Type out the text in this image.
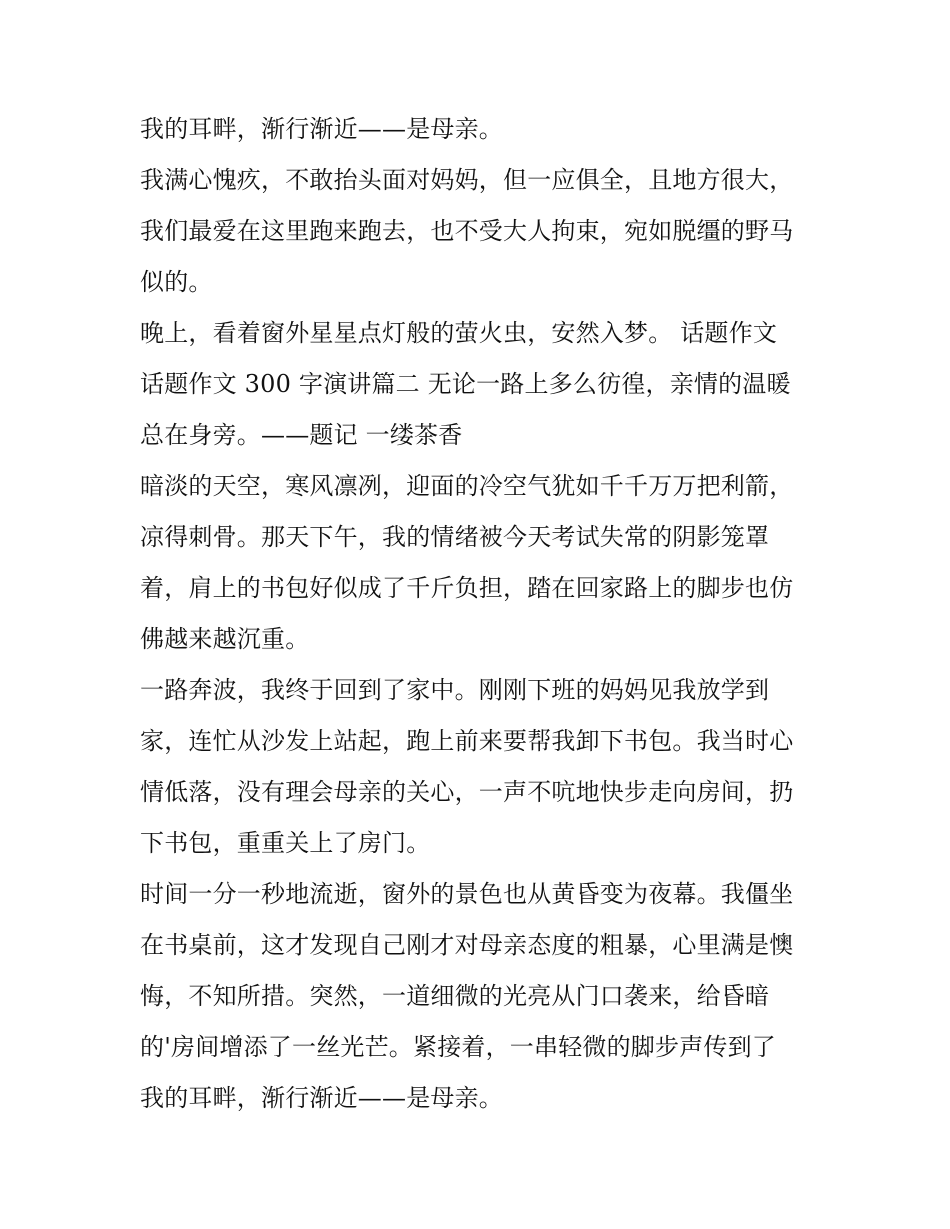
我的耳畔，渐行渐近——是母亲。
我满心愧疚，不敢抬头面对妈妈，但一应俱全，且地方很大，
我们最爱在这里跑来跑去，也不受大人拘束，宛如脱缰的野马
似的。
晚上，看着窗外星星点灯般的萤火虫，安然入梦。 话题作文
话题作文 300 字演讲篇二 无论一路上多么彷徨，亲情的温暖
总在身旁。——题记 一缕茶香
暗淡的天空，寒风凛冽，迎面的冷空气犹如千千万万把利箭，
凉得刺骨。那天下午，我的情绪被今天考试失常的阴影笼罩
着，肩上的书包好似成了千斤负担，踏在回家路上的脚步也仿
佛越来越沉重。
一路奔波，我终于回到了家中。刚刚下班的妈妈见我放学到
家，连忙从沙发上站起，跑上前来要帮我卸下书包。我当时心
情低落，没有理会母亲的关心，一声不吭地快步走向房间，扔
下书包，重重关上了房门。
时间一分一秒地流逝，窗外的景色也从黄昏变为夜幕。我僵坐
在书桌前，这才发现自己刚才对母亲态度的粗暴，心里满是懊
悔，不知所措。突然，一道细微的光亮从门口袭来，给昏暗
的'房间增添了一丝光芒。紧接着，一串轻微的脚步声传到了
我的耳畔，渐行渐近——是母亲。
